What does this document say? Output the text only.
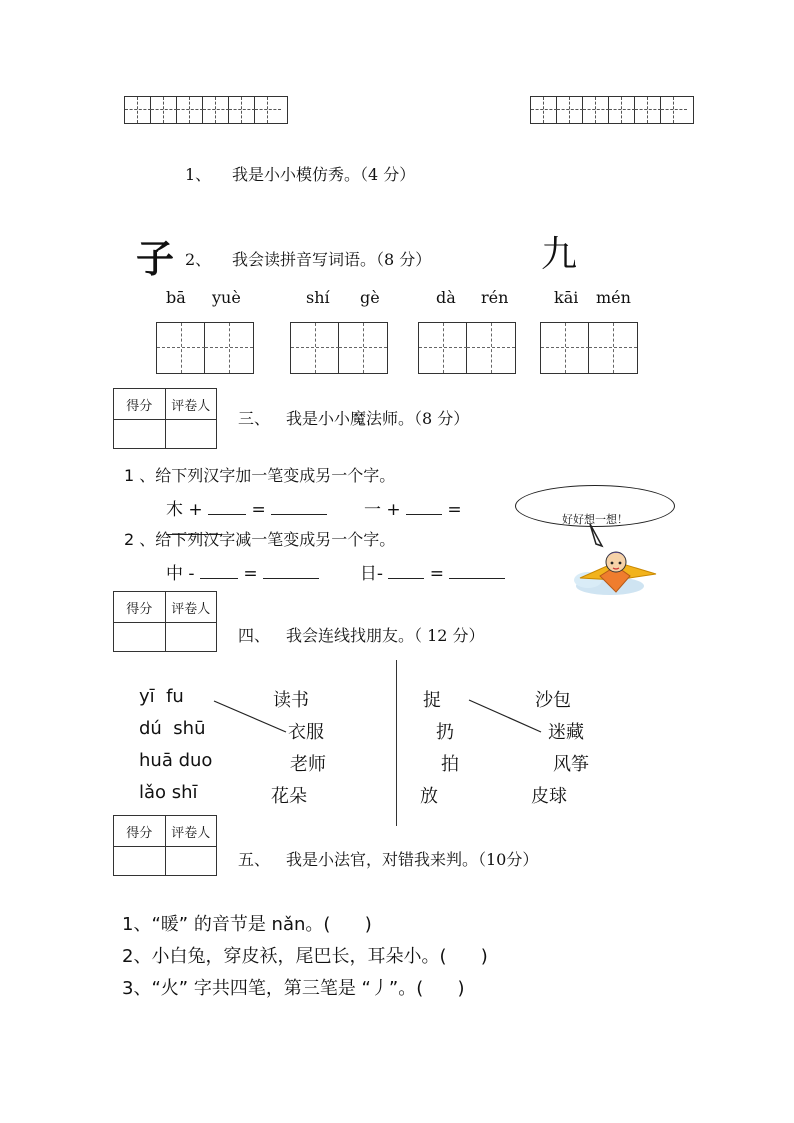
1、 我是小小模仿秀。（4 分）
子	九
2、 我会读拼音写词语。（8 分）
bā yuè	shí gè	dà rén	kāi mén
得分	评卷人

三、 我是小小魔法师。（8 分）
1 、给下列汉字加一笔变成另一个字。
木 +	=	一 +	=
2 、给下列汉字减一笔变成另一个字。
中 -	=	日-	=
好好想一想！
得分	评卷人

四、 我会连线找朋友。（ 12 分）
yī  fu
dú  shū
huā duo
lǎo shī
读书
衣服
老师
花朵
捉
扔
拍
放
沙包
迷藏
风筝
皮球
得分	评卷人

五、 我是小法官，对错我来判。（10分）
1、“暖” 的音节是 nǎn。(      )
2、小白兔，穿皮袄，尾巴长，耳朵小。(      )
3、“火” 字共四笔，第三笔是 “丿”。(      )
